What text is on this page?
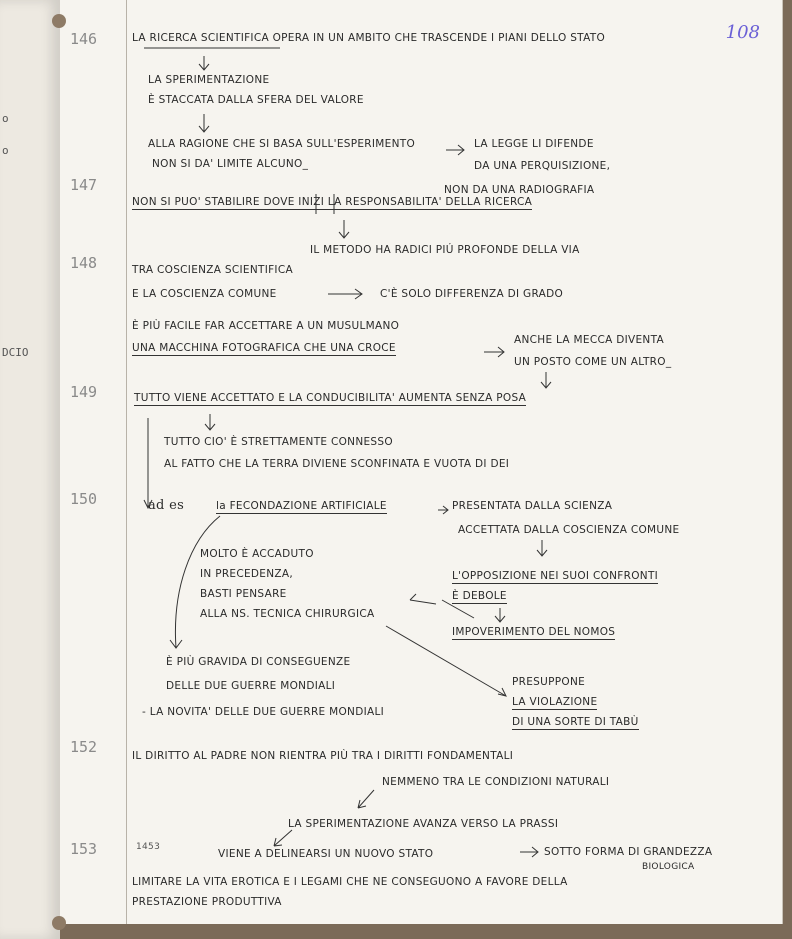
o
o
DCIO
108
146
147
148
149
150
152
153
LA RICERCA SCIENTIFICA OPERA IN UN AMBITO CHE TRASCENDE I PIANI DELLO STATO
LA SPERIMENTAZIONE
È STACCATA DALLA SFERA DEL VALORE
ALLA RAGIONE CHE SI BASA SULL'ESPERIMENTO
NON SI DA' LIMITE ALCUNO_
LA LEGGE LI DIFENDE
DA UNA PERQUISIZIONE,
NON DA UNA RADIOGRAFIA
NON SI PUO' STABILIRE DOVE INIZI LA RESPONSABILITA' DELLA RICERCA
IL METODO HA RADICI PIÚ PROFONDE DELLA VIA
TRA COSCIENZA SCIENTIFICA
E LA COSCIENZA COMUNE	C'È SOLO DIFFERENZA DI GRADO
È PIÙ FACILE FAR ACCETTARE A UN MUSULMANO
UNA MACCHINA FOTOGRAFICA CHE UNA CROCE
ANCHE LA MECCA DIVENTA
UN POSTO COME UN ALTRO_
TUTTO VIENE ACCETTATO E LA CONDUCIBILITA' AUMENTA SENZA POSA
TUTTO CIO' È STRETTAMENTE CONNESSO
AL FATTO CHE LA TERRA DIVIENE SCONFINATA E VUOTA DI DEI
ad es	la FECONDAZIONE ARTIFICIALE	PRESENTATA DALLA SCIENZA
ACCETTATA DALLA COSCIENZA COMUNE
MOLTO È ACCADUTO
IN PRECEDENZA,
BASTI PENSARE
ALLA NS. TECNICA CHIRURGICA
L'OPPOSIZIONE NEI SUOI CONFRONTI
È DEBOLE
IMPOVERIMENTO DEL NOMOS
È PIÙ GRAVIDA DI CONSEGUENZE
DELLE DUE GUERRE MONDIALI
- LA NOVITA' DELLE DUE GUERRE MONDIALI
PRESUPPONE
LA VIOLAZIONE
DI UNA SORTE DI TABÙ
IL DIRITTO AL PADRE NON RIENTRA PIÙ TRA I DIRITTI FONDAMENTALI
NEMMENO TRA LE CONDIZIONI NATURALI
LA SPERIMENTAZIONE AVANZA VERSO LA PRASSI
1453
VIENE A DELINEARSI UN NUOVO STATO	SOTTO FORMA DI GRANDEZZA
BIOLOGICA
LIMITARE LA VITA EROTICA E I LEGAMI CHE NE CONSEGUONO A FAVORE DELLA
PRESTAZIONE PRODUTTIVA
